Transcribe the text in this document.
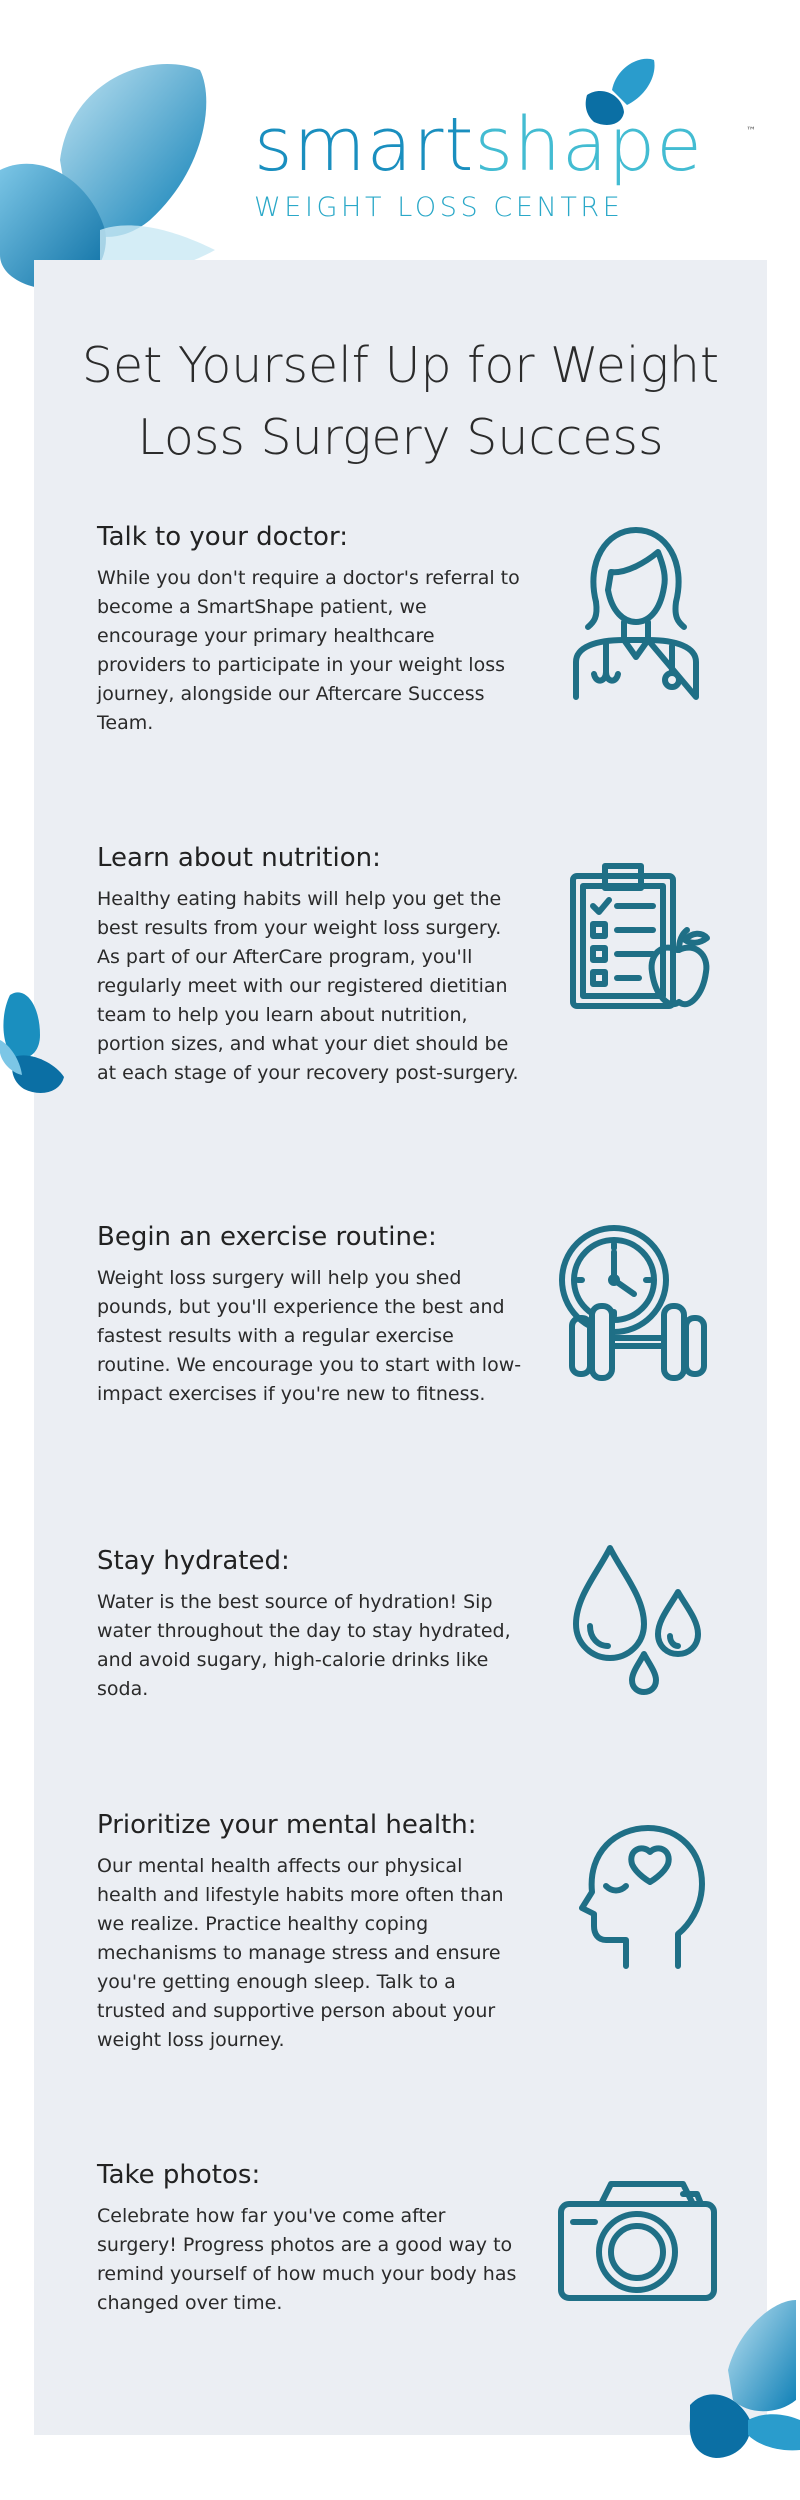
smartshape	™
WEIGHT LOSS CENTRE
Set Yourself Up for Weight
Loss Surgery Success
Talk to your doctor:

While you don't require a doctor's referral to become a SmartShape patient, we encourage your primary healthcare providers to participate in your weight loss journey, alongside our Aftercare Success Team.

Learn about nutrition:

Healthy eating habits will help you get the best results from your weight loss surgery. As part of our AfterCare program, you'll regularly meet with our registered dietitian team to help you learn about nutrition, portion sizes, and what your diet should be at each stage of your recovery post-surgery.

Begin an exercise routine:

Weight loss surgery will help you shed pounds, but you'll experience the best and fastest results with a regular exercise routine. We encourage you to start with low-impact exercises if you're new to fitness.

Stay hydrated:

Water is the best source of hydration! Sip water throughout the day to stay hydrated, and avoid sugary, high-calorie drinks like soda.

Prioritize your mental health:

Our mental health affects our physical health and lifestyle habits more often than we realize. Practice healthy coping mechanisms to manage stress and ensure you're getting enough sleep. Talk to a trusted and supportive person about your weight loss journey.

Take photos:

Celebrate how far you've come after surgery! Progress photos are a good way to remind yourself of how much your body has changed over time.
